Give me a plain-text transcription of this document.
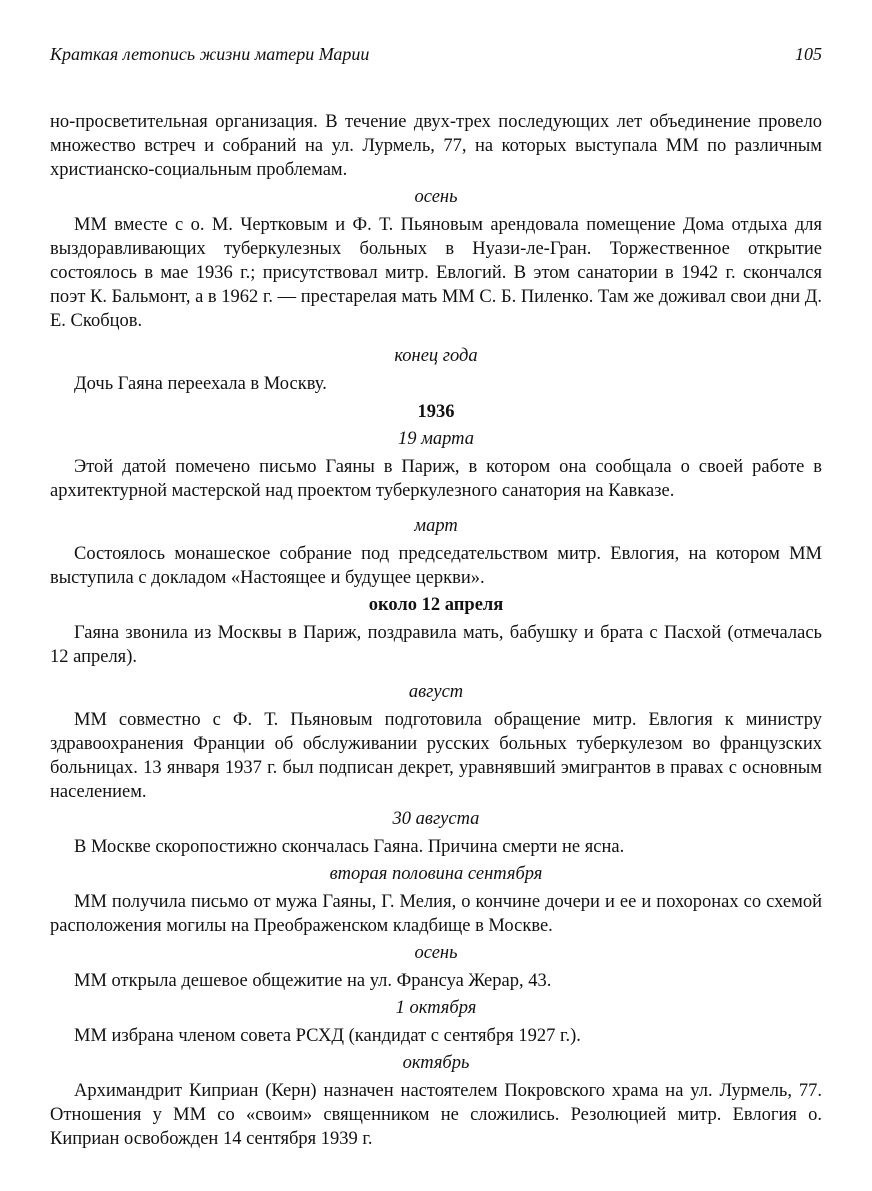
Краткая летопись жизни матери Марии	105

но-просветительная организация. В течение двух-трех последующих лет объединение провело множество встреч и собраний на ул. Лурмель, 77, на которых выступала ММ по различным христианско-социальным проблемам.

осень

ММ вместе с о. М. Чертковым и Ф. Т. Пьяновым арендовала помещение Дома отдыха для выздоравливающих туберкулезных больных в Нуази-ле-Гран. Торжественное открытие состоялось в мае 1936 г.; присутствовал митр. Евлогий. В этом санатории в 1942 г. скончался поэт К. Бальмонт, а в 1962 г. — престарелая мать ММ С. Б. Пиленко. Там же доживал свои дни Д. Е. Скобцов.

конец года

Дочь Гаяна переехала в Москву.

1936
19 марта

Этой датой помечено письмо Гаяны в Париж, в котором она сообщала о своей работе в архитектурной мастерской над проектом туберкулезного санатория на Кавказе.

март

Состоялось монашеское собрание под председательством митр. Евлогия, на котором ММ выступила с докладом «Настоящее и будущее церкви».

около 12 апреля

Гаяна звонила из Москвы в Париж, поздравила мать, бабушку и брата с Пасхой (отмечалась 12 апреля).

август

ММ совместно с Ф. Т. Пьяновым подготовила обращение митр. Евлогия к министру здравоохранения Франции об обслуживании русских больных туберкулезом во французских больницах. 13 января 1937 г. был подписан декрет, уравнявший эмигрантов в правах с основным населением.

30 августа

В Москве скоропостижно скончалась Гаяна. Причина смерти не ясна.

вторая половина сентября

ММ получила письмо от мужа Гаяны, Г. Мелия, о кончине дочери и ее и похоронах со схемой расположения могилы на Преображенском кладбище в Москве.

осень

ММ открыла дешевое общежитие на ул. Франсуа Жерар, 43.

1 октября

ММ избрана членом совета РСХД (кандидат с сентября 1927 г.).

октябрь

Архимандрит Киприан (Керн) назначен настоятелем Покровского храма на ул. Лурмель, 77. Отношения у ММ со «своим» священником не сложились. Резолюцией митр. Евлогия о. Киприан освобожден 14 сентября 1939 г.
